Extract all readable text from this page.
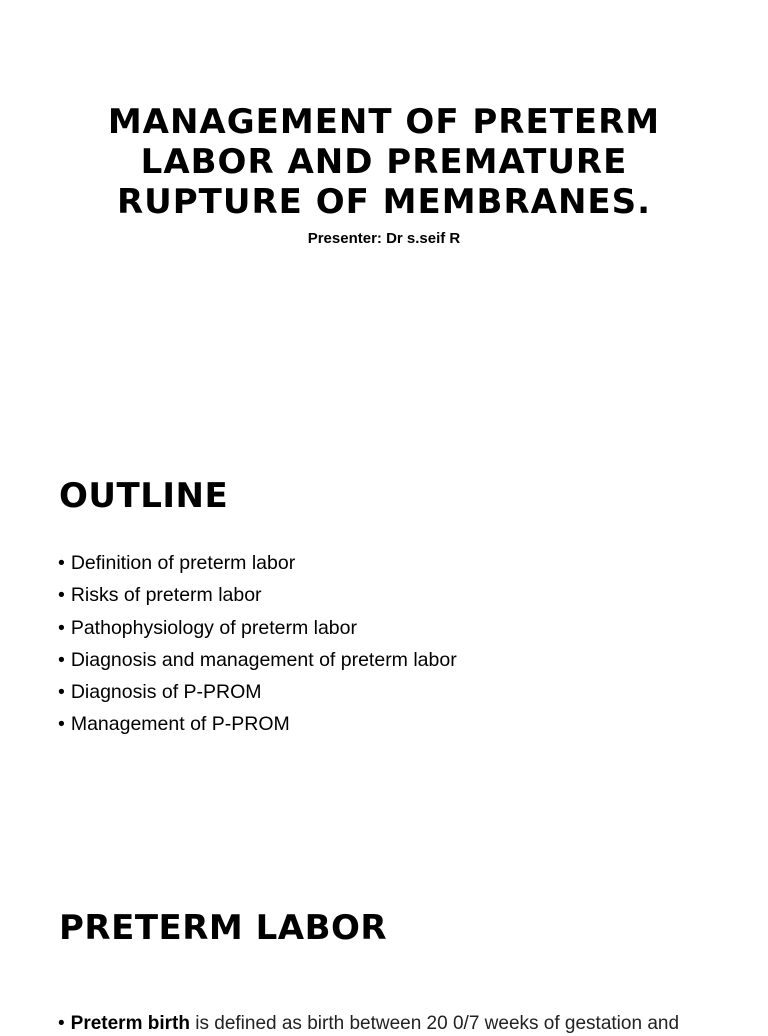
MANAGEMENT OF PRETERM LABOR AND PREMATURE RUPTURE OF MEMBRANES.

Presenter: Dr s.seif R

OUTLINE
• Definition of preterm labor
• Risks of preterm labor
• Pathophysiology of preterm labor
• Diagnosis and management of preterm labor
• Diagnosis of P-PROM
• Management of P-PROM
PRETERM LABOR

• Preterm birth is defined as birth between 20 0/7 weeks of gestation and
